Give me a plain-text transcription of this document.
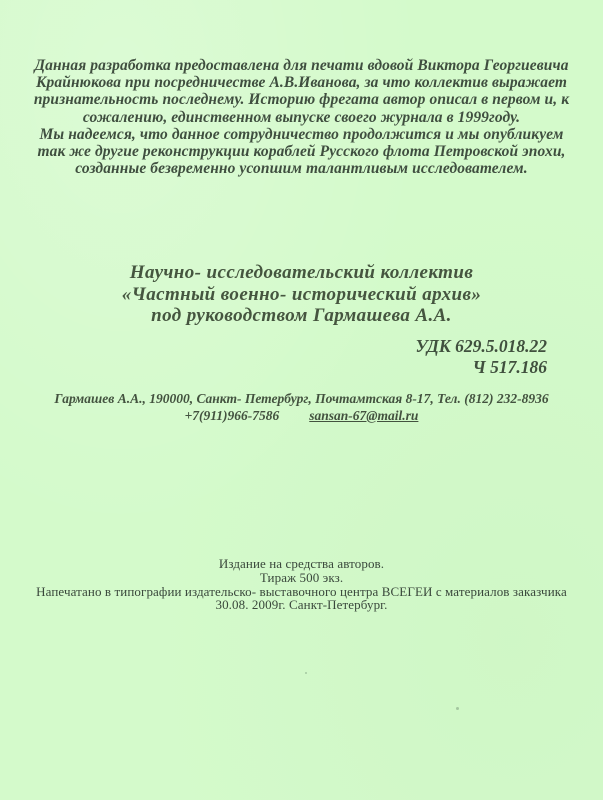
Данная разработка предоставлена для печати вдовой Виктора Георгиевича
Крайнюкова при посредничестве А.В.Иванова, за что коллектив выражает
признательность последнему. Историю фрегата автор описал в первом и, к
сожалению, единственном выпуске своего журнала в 1999году.
Мы надеемся, что данное сотрудничество продолжится и мы опубликуем
так же другие реконструкции кораблей Русского флота Петровской эпохи,
созданные безвременно усопшим талантливым исследователем.
Научно- исследовательский коллектив
«Частный военно- исторический архив»
под руководством Гармашева А.А.
УДК 629.5.018.22
Ч 517.186
Гармашев А.А., 190000, Санкт- Петербург, Почтамтская 8-17, Тел. (812) 232-8936
+7(911)966-7586 sansan-67@mail.ru
Издание на средства авторов.
Тираж 500 экз.
Напечатано в типографии издательско- выставочного центра ВСЕГЕИ с материалов заказчика
30.08. 2009г. Санкт-Петербург.
